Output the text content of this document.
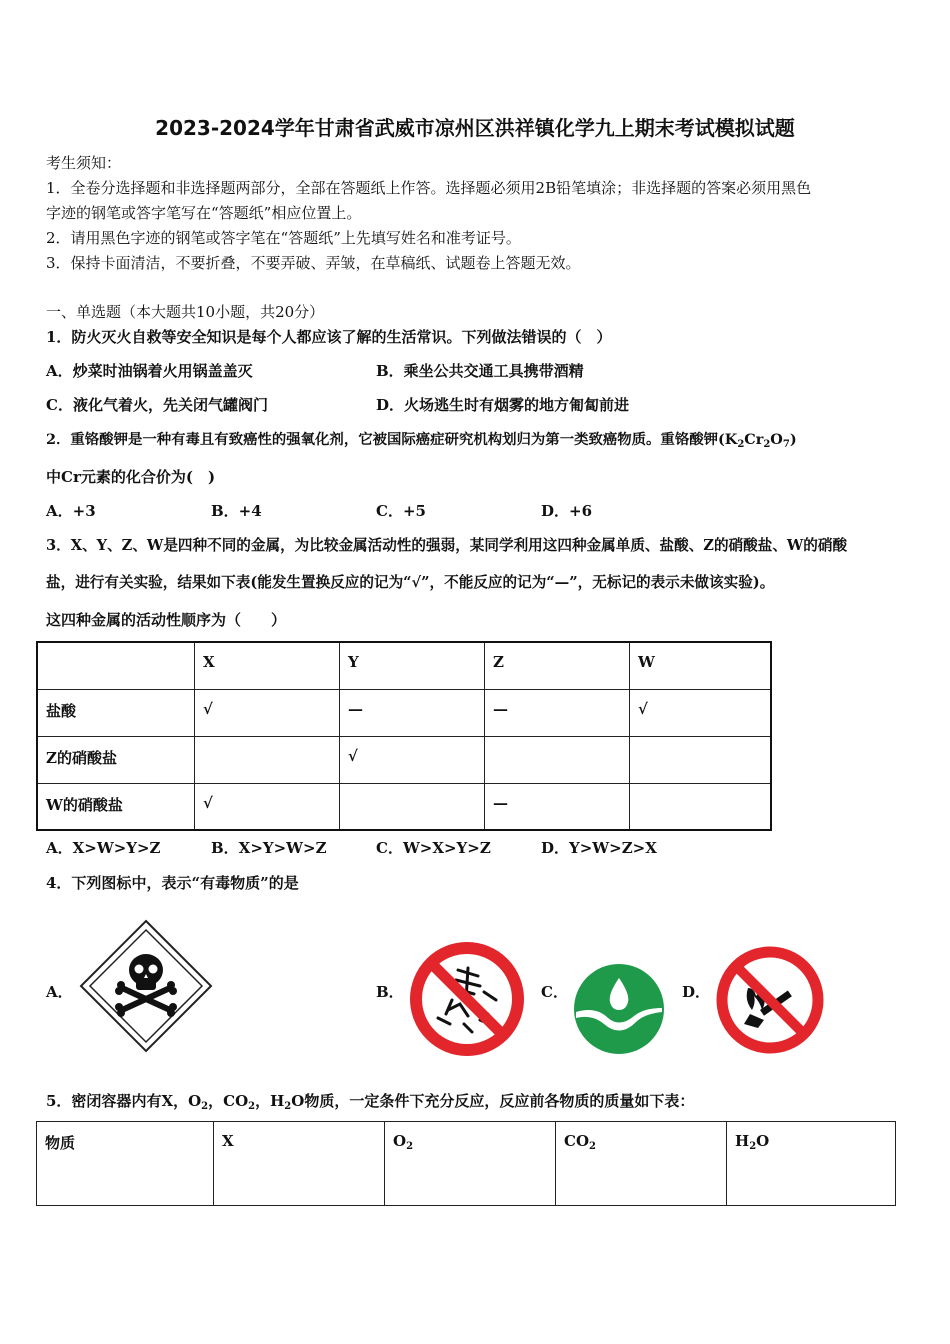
2023-2024学年甘肃省武威市凉州区洪祥镇化学九上期末考试模拟试题
考生须知：
1．全卷分选择题和非选择题两部分，全部在答题纸上作答。选择题必须用2B铅笔填涂；非选择题的答案必须用黑色
字迹的钢笔或答字笔写在“答题纸”相应位置上。
2．请用黑色字迹的钢笔或答字笔在“答题纸”上先填写姓名和准考证号。
3．保持卡面清洁，不要折叠，不要弄破、弄皱，在草稿纸、试题卷上答题无效。
一、单选题（本大题共10小题，共20分）
1．防火灭火自救等安全知识是每个人都应该了解的生活常识。下列做法错误的（　）
A．炒菜时油锅着火用锅盖盖灭	B．乘坐公共交通工具携带酒精
C．液化气着火，先关闭气罐阀门	D．火场逃生时有烟雾的地方匍匐前进
2．重铬酸钾是一种有毒且有致癌性的强氧化剂，它被国际癌症研究机构划归为第一类致癌物质。重铬酸钾$(K_2Cr_2O_7)$
中Cr元素的化合价为(　)
A．+3	B．+4	C．+5	D．+6
3．X、Y、Z、W是四种不同的金属，为比较金属活动性的强弱，某同学利用这四种金属单质、盐酸、Z的硝酸盐、W的硝酸
盐，进行有关实验，结果如下表(能发生置换反应的记为“√”，不能反应的记为“—”，无标记的表示未做该实验)。
这四种金属的活动性顺序为（　　）
	X	Y	Z	W
盐酸	√	—	—	√
Z的硝酸盐		√		
W的硝酸盐	√		—	
A．X>W>Y>Z	B．X>Y>W>Z	C．W>X>Y>Z	D．Y>W>Z>X
4．下列图标中，表示“有毒物质”的是
A．	B．	C．	D．
5．密闭容器内有X，$O_2$，$CO_2$，$H_2O$物质，一定条件下充分反应，反应前各物质的质量如下表：
物质	X	$O_2$	$CO_2$	$H_2O$
